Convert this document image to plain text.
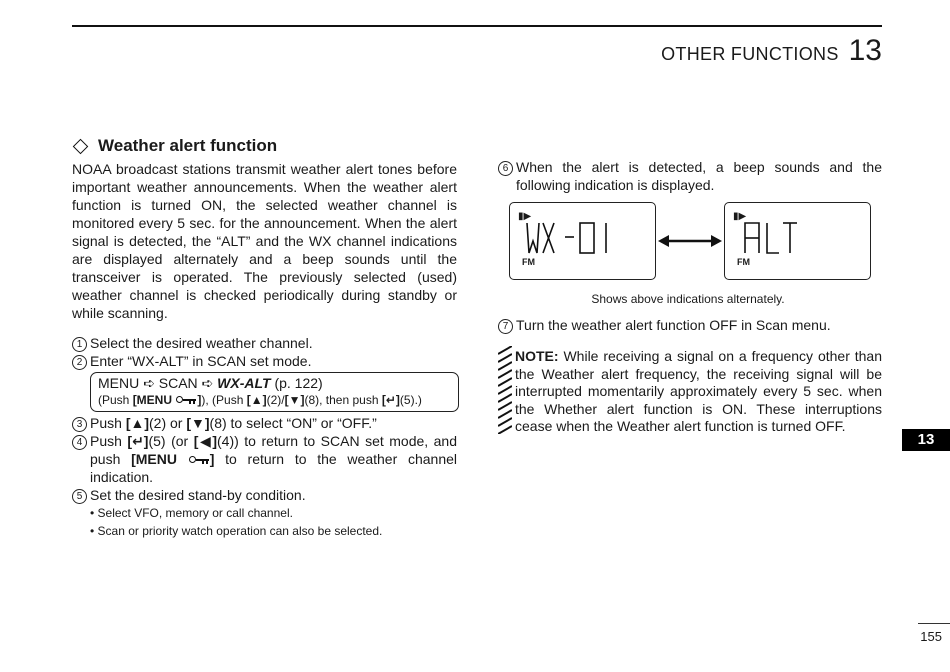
OTHER FUNCTIONS 13
Weather alert function
NOAA broadcast stations transmit weather alert tones before important weather announcements. When the weather alert function is turned ON, the selected weather channel is monitored every 5 sec. for the announcement. When the alert signal is detected, the “ALT” and the WX channel indications are displayed alternately and a beep sounds until the transceiver is operated. The previously selected (used) weather channel is checked periodically during standby or while scanning.
1 Select the desired weather channel.
2 Enter “WX-ALT” in SCAN set mode.
MENU ➪ SCAN ➪ WX-ALT (p. 122)
(Push [MENU
]), (Push [▲](2)/[▼](8), then push [↵](5).)
3 Push [▲](2) or [▼](8) to select “ON” or “OFF.”
4 Push [↵](5) (or [◀](4)) to return to SCAN set mode, and push [MENU
] to return to the weather channel indication.
5 Set the desired stand-by condition.
• Select VFO, memory or call channel.
• Scan or priority watch operation can also be selected.
6 When the alert is detected, a beep sounds and the following indication is displayed.
▮▶
FM
▮▶
FM
Shows above indications alternately.
7 Turn the weather alert function OFF in Scan menu.
NOTE: While receiving a signal on a frequency other than the Weather alert frequency, the receiving signal will be interrupted momentarily approximately every 5 sec. when the Whether alert function is ON. These interruptions cease when the Weather alert function is turned OFF.
13
155
